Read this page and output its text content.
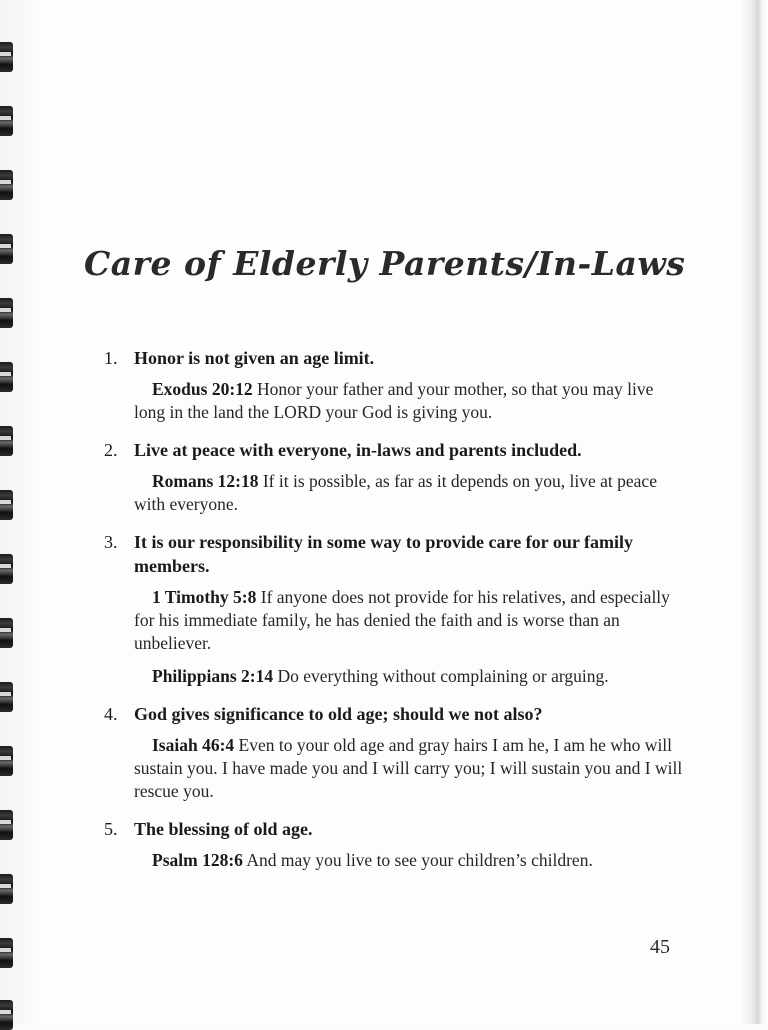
Care of Elderly Parents/In-Laws
1. Honor is not given an age limit.

Exodus 20:12 Honor your father and your mother, so that you may live long in the land the LORD your God is giving you.

2. Live at peace with everyone, in-laws and parents included.

Romans 12:18 If it is possible, as far as it depends on you, live at peace with everyone.

3. It is our responsibility in some way to provide care for our family members.

1 Timothy 5:8 If anyone does not provide for his relatives, and especially for his immediate family, he has denied the faith and is worse than an unbeliever.

Philippians 2:14 Do everything without complaining or arguing.

4. God gives significance to old age; should we not also?

Isaiah 46:4 Even to your old age and gray hairs I am he, I am he who will sustain you. I have made you and I will carry you; I will sustain you and I will rescue you.

5. The blessing of old age.

Psalm 128:6 And may you live to see your children’s children.

45
